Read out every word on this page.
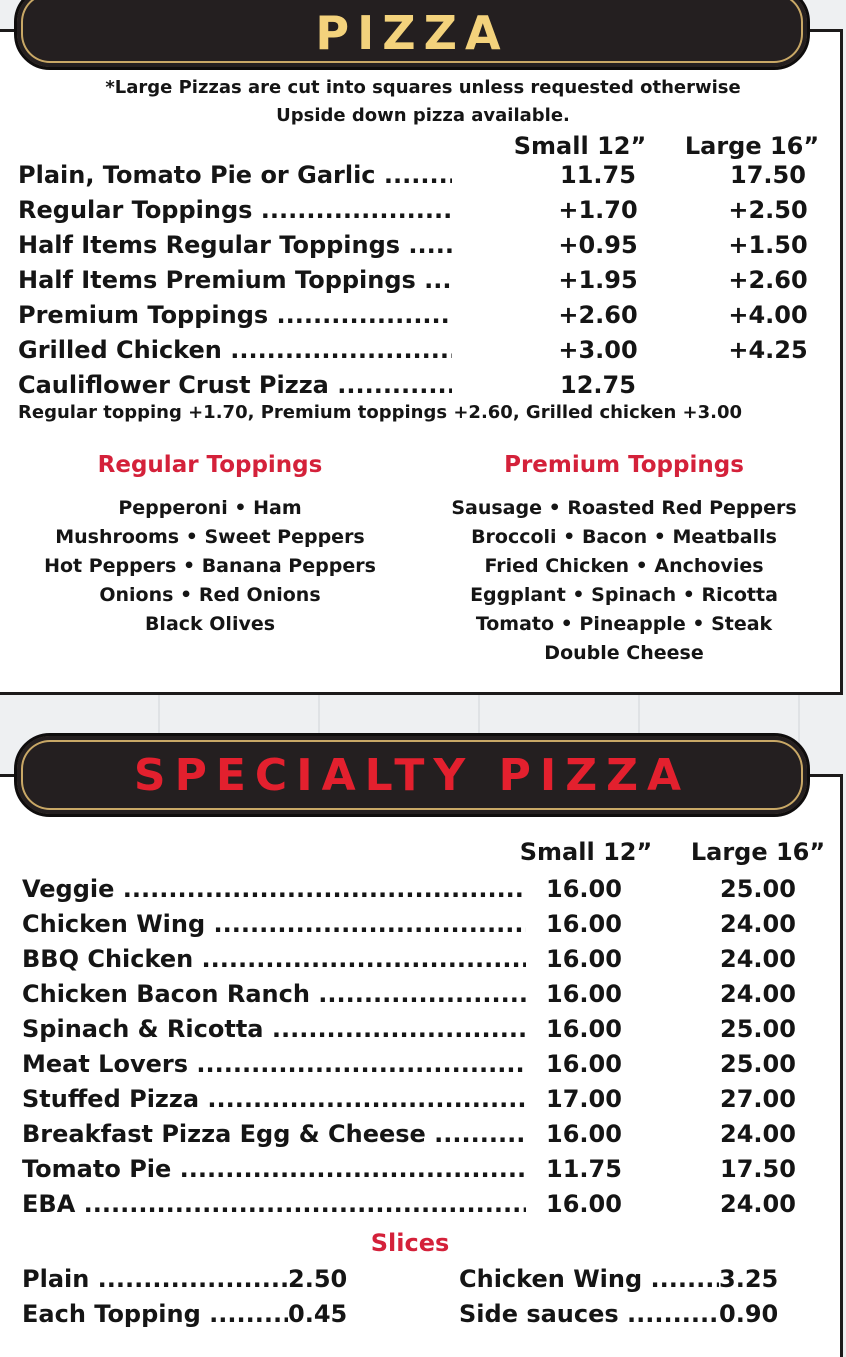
PIZZA
*Large Pizzas are cut into squares unless requested otherwise
Upside down pizza available.
Small 12”	Large 16”
Plain, Tomato Pie or Garlic .....	11.75	17.50
Regular Toppings .....	+1.70	+2.50
Half Items Regular Toppings .....	+0.95	+1.50
Half Items Premium Toppings .....	+1.95	+2.60
Premium Toppings .....	+2.60	+4.00
Grilled Chicken .....	+3.00	+4.25
Cauliflower Crust Pizza .....	12.75
Regular topping +1.70, Premium toppings +2.60, Grilled chicken +3.00
Regular Toppings
Pepperoni • Ham
Mushrooms • Sweet Peppers
Hot Peppers • Banana Peppers
Onions • Red Onions
Black Olives
Premium Toppings
Sausage • Roasted Red Peppers
Broccoli • Bacon • Meatballs
Fried Chicken • Anchovies
Eggplant • Spinach • Ricotta
Tomato • Pineapple • Steak
Double Cheese
SPECIALTY PIZZA
Small 12”	Large 16”
Veggie .....	16.00	25.00
Chicken Wing .....	16.00	24.00
BBQ Chicken .....	16.00	24.00
Chicken Bacon Ranch .....	16.00	24.00
Spinach & Ricotta .....	16.00	25.00
Meat Lovers .....	16.00	25.00
Stuffed Pizza .....	17.00	27.00
Breakfast Pizza Egg & Cheese .....	16.00	24.00
Tomato Pie .....	11.75	17.50
EBA .....	16.00	24.00
Slices
Plain .....	2.50	Chicken Wing .....	3.25
Each Topping .....	0.45	Side sauces .....	0.90
